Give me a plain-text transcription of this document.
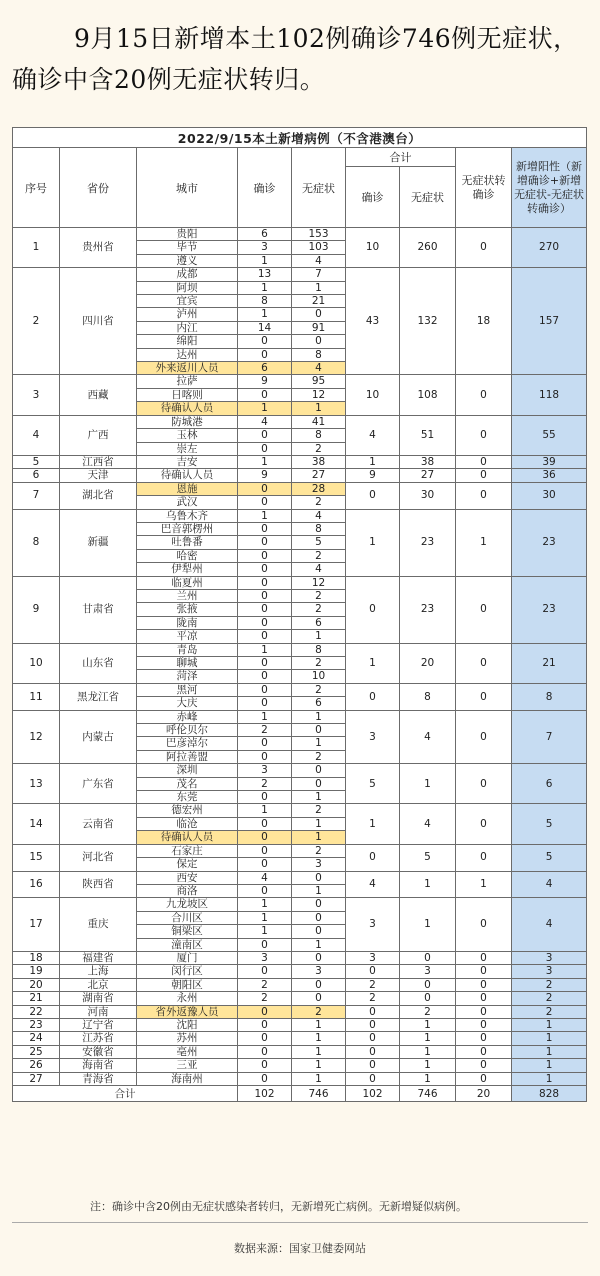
9月15日新增本土102例确诊746例无症状，确诊中含20例无症状转归。
2022/9/15本土新增病例（不含港澳台）								
序号	省份	城市	确诊	无症状	合计		无症状转确诊	新增阳性（新增确诊+新增无症状-无症状转确诊）
					确诊	无症状		
1	贵州省	贵阳	6	153	10	260	0	270
		毕节	3	103				
		遵义	1	4				
2	四川省	成都	13	7	43	132	18	157
		阿坝	1	1				
		宜宾	8	21				
		泸州	1	0				
		内江	14	91				
		绵阳	0	0				
		达州	0	8				
		外来返川人员	6	4				
3	西藏	拉萨	9	95	10	108	0	118
		日喀则	0	12				
		待确认人员	1	1				
4	广西	防城港	4	41	4	51	0	55
		玉林	0	8				
		崇左	0	2				
5	江西省	吉安	1	38	1	38	0	39
6	天津	待确认人员	9	27	9	27	0	36
7	湖北省	恩施	0	28	0	30	0	30
		武汉	0	2				
8	新疆	乌鲁木齐	1	4	1	23	1	23
		巴音郭楞州	0	8				
		吐鲁番	0	5				
		哈密	0	2				
		伊犁州	0	4				
9	甘肃省	临夏州	0	12	0	23	0	23
		兰州	0	2				
		张掖	0	2				
		陇南	0	6				
		平凉	0	1				
10	山东省	青岛	1	8	1	20	0	21
		聊城	0	2				
		菏泽	0	10				
11	黑龙江省	黑河	0	2	0	8	0	8
		大庆	0	6				
12	内蒙古	赤峰	1	1	3	4	0	7
		呼伦贝尔	2	0				
		巴彦淖尔	0	1				
		阿拉善盟	0	2				
13	广东省	深圳	3	0	5	1	0	6
		茂名	2	0				
		东莞	0	1				
14	云南省	德宏州	1	2	1	4	0	5
		临沧	0	1				
		待确认人员	0	1				
15	河北省	石家庄	0	2	0	5	0	5
		保定	0	3				
16	陕西省	西安	4	0	4	1	1	4
		商洛	0	1				
17	重庆	九龙坡区	1	0	3	1	0	4
		合川区	1	0				
		铜梁区	1	0				
		潼南区	0	1				
18	福建省	厦门	3	0	3	0	0	3
19	上海	闵行区	0	3	0	3	0	3
20	北京	朝阳区	2	0	2	0	0	2
21	湖南省	永州	2	0	2	0	0	2
22	河南	省外返豫人员	0	2	0	2	0	2
23	辽宁省	沈阳	0	1	0	1	0	1
24	江苏省	苏州	0	1	0	1	0	1
25	安徽省	亳州	0	1	0	1	0	1
26	海南省	三亚	0	1	0	1	0	1
27	青海省	海南州	0	1	0	1	0	1
合计			102	746	102	746	20	828
注：确诊中含20例由无症状感染者转归，无新增死亡病例。无新增疑似病例。
数据来源：国家卫健委网站
